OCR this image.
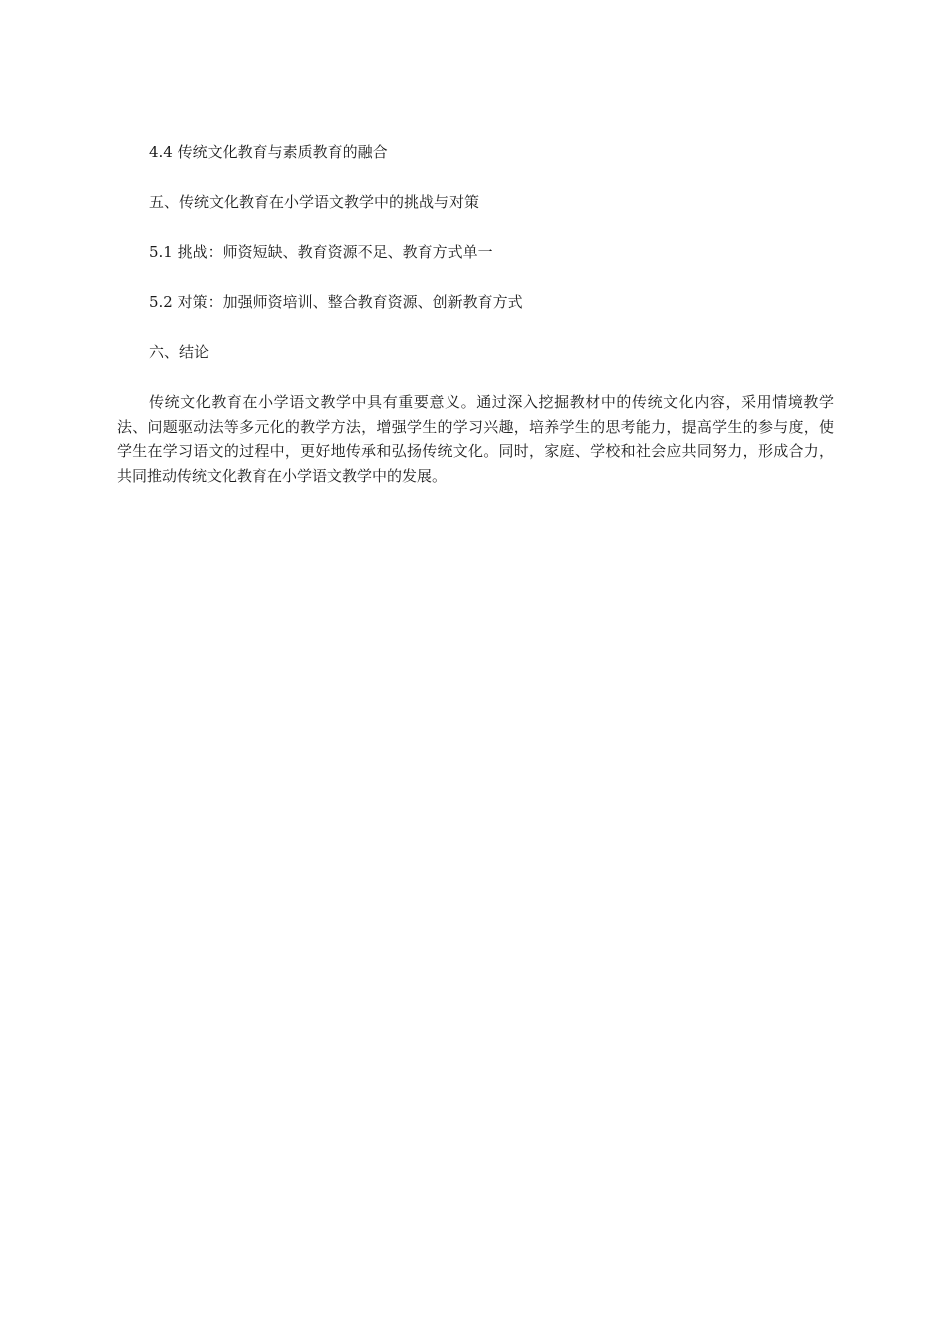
4.4 传统文化教育与素质教育的融合

五、传统文化教育在小学语文教学中的挑战与对策

5.1 挑战：师资短缺、教育资源不足、教育方式单一

5.2 对策：加强师资培训、整合教育资源、创新教育方式

六、结论

传统文化教育在小学语文教学中具有重要意义。通过深入挖掘教材中的传统文化内容，采用情境教学法、问题驱动法等多元化的教学方法，增强学生的学习兴趣，培养学生的思考能力，提高学生的参与度，使学生在学习语文的过程中，更好地传承和弘扬传统文化。同时，家庭、学校和社会应共同努力，形成合力，共同推动传统文化教育在小学语文教学中的发展。
